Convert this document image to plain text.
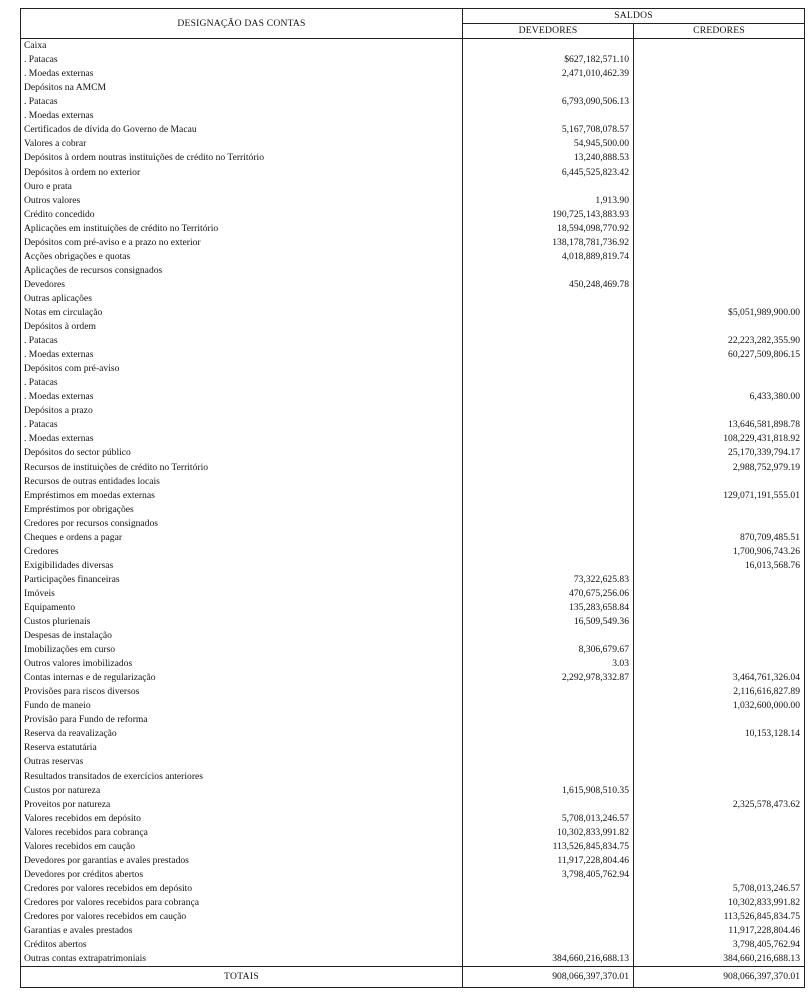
DESIGNAÇÃO DAS CONTAS	SALDOS	
	DEVEDORES	CREDORES
Caixa		
. Patacas	$627,182,571.10	
. Moedas externas	2,471,010,462.39	
Depósitos na AMCM		
. Patacas	6,793,090,506.13	
. Moedas externas		
Certificados de dívida do Governo de Macau	5,167,708,078.57	
Valores a cobrar	54,945,500.00	
Depósitos à ordem noutras instituições de crédito no Território	13,240,888.53	
Depósitos à ordem no exterior	6,445,525,823.42	
Ouro e prata		
Outros valores	1,913.90	
Crédito concedido	190,725,143,883.93	
Aplicações em instituições de crédito no Território	18,594,098,770.92	
Depósitos com pré-aviso e a prazo no exterior	138,178,781,736.92	
Acções obrigações e quotas	4,018,889,819.74	
Aplicações de recursos consignados		
Devedores	450,248,469.78	
Outras aplicações		
Notas em circulação		$5,051,989,900.00
Depósitos à ordem		
. Patacas		22,223,282,355.90
. Moedas externas		60,227,509,806.15
Depósitos com pré-aviso		
. Patacas		
. Moedas externas		6,433,380.00
Depósitos a prazo		
. Patacas		13,646,581,898.78
. Moedas externas		108,229,431,818.92
Depósitos do sector público		25,170,339,794.17
Recursos de instituições de crédito no Território		2,988,752,979.19
Recursos de outras entidades locais		
Empréstimos em moedas externas		129,071,191,555.01
Empréstimos por obrigações		
Credores por recursos consignados		
Cheques e ordens a pagar		870,709,485.51
Credores		1,700,906,743.26
Exigibilidades diversas		16,013,568.76
Participações financeiras	73,322,625.83	
Imóveis	470,675,256.06	
Equipamento	135,283,658.84	
Custos plurienais	16,509,549.36	
Despesas de instalação		
Imobilizações em curso	8,306,679.67	
Outros valores imobilizados	3.03	
Contas internas e de regularização	2,292,978,332.87	3,464,761,326.04
Provisões para riscos diversos		2,116,616,827.89
Fundo de maneio		1,032,600,000.00
Provisão para Fundo de reforma		
Reserva da reavalização		10,153,128.14
Reserva estatutária		
Outras reservas		
Resultados transitados de exercícios anteriores		
Custos por natureza	1,615,908,510.35	
Proveitos por natureza		2,325,578,473.62
Valores recebidos em depósito	5,708,013,246.57	
Valores recebidos para cobrança	10,302,833,991.82	
Valores recebidos em caução	113,526,845,834.75	
Devedores por garantias e avales prestados	11,917,228,804.46	
Devedores por créditos abertos	3,798,405,762.94	
Credores por valores recebidos em depósito		5,708,013,246.57
Credores por valores recebidos para cobrança		10,302,833,991.82
Credores por valores recebidos em caução		113,526,845,834.75
Garantias e avales prestados		11,917,228,804.46
Créditos abertos		3,798,405,762.94
Outras contas extrapatrimoniais	384,660,216,688.13	384,660,216,688.13
TOTAIS	908,066,397,370.01	908,066,397,370.01
